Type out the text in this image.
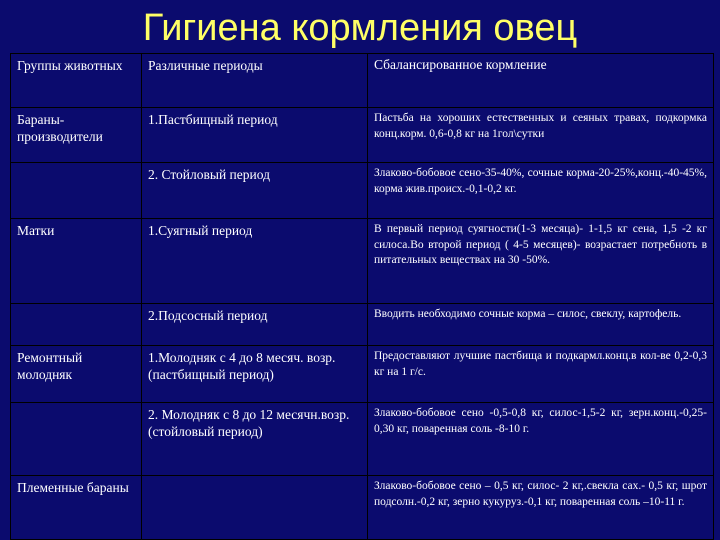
Гигиена кормления овец
Группы животных	Различные периоды	Сбалансированное кормление
Бараны-производители	1.Пастбищный период	Пастьба на хороших естественных и сеяных травах, подкормка конц.корм. 0,6-0,8 кг на 1гол\сутки
	2. Стойловый период	Злаково-бобовое сено-35-40%, сочные корма-20-25%,конц.-40-45%, корма жив.происх.-0,1-0,2 кг.
Матки	1.Суягный период	В первый период суягности(1-3 месяца)- 1-1,5 кг сена, 1,5 -2 кг силоса.Во второй период ( 4-5 месяцев)- возрастает потребноть в питательных веществах на 30 -50%.
	2.Подсосный период	Вводить необходимо сочные корма – силос, свеклу, картофель.
Ремонтный молодняк	1.Молодняк с 4 до 8 месяч. возр. (пастбищный период)	Предоставляют лучшие пастбища и подкармл.конц.в кол-ве 0,2-0,3 кг на 1 г/с.
	2. Молодняк с 8 до 12 месячн.возр. (стойловый период)	Злаково-бобовое сено -0,5-0,8 кг, силос-1,5-2 кг, зерн.конц.-0,25-0,30 кг, поваренная соль -8-10 г.
Племенные бараны		Злаково-бобовое сено – 0,5 кг, силос- 2 кг,.свекла сах.- 0,5 кг, шрот подсолн.-0,2 кг, зерно кукуруз.-0,1 кг, поваренная соль –10-11 г.
